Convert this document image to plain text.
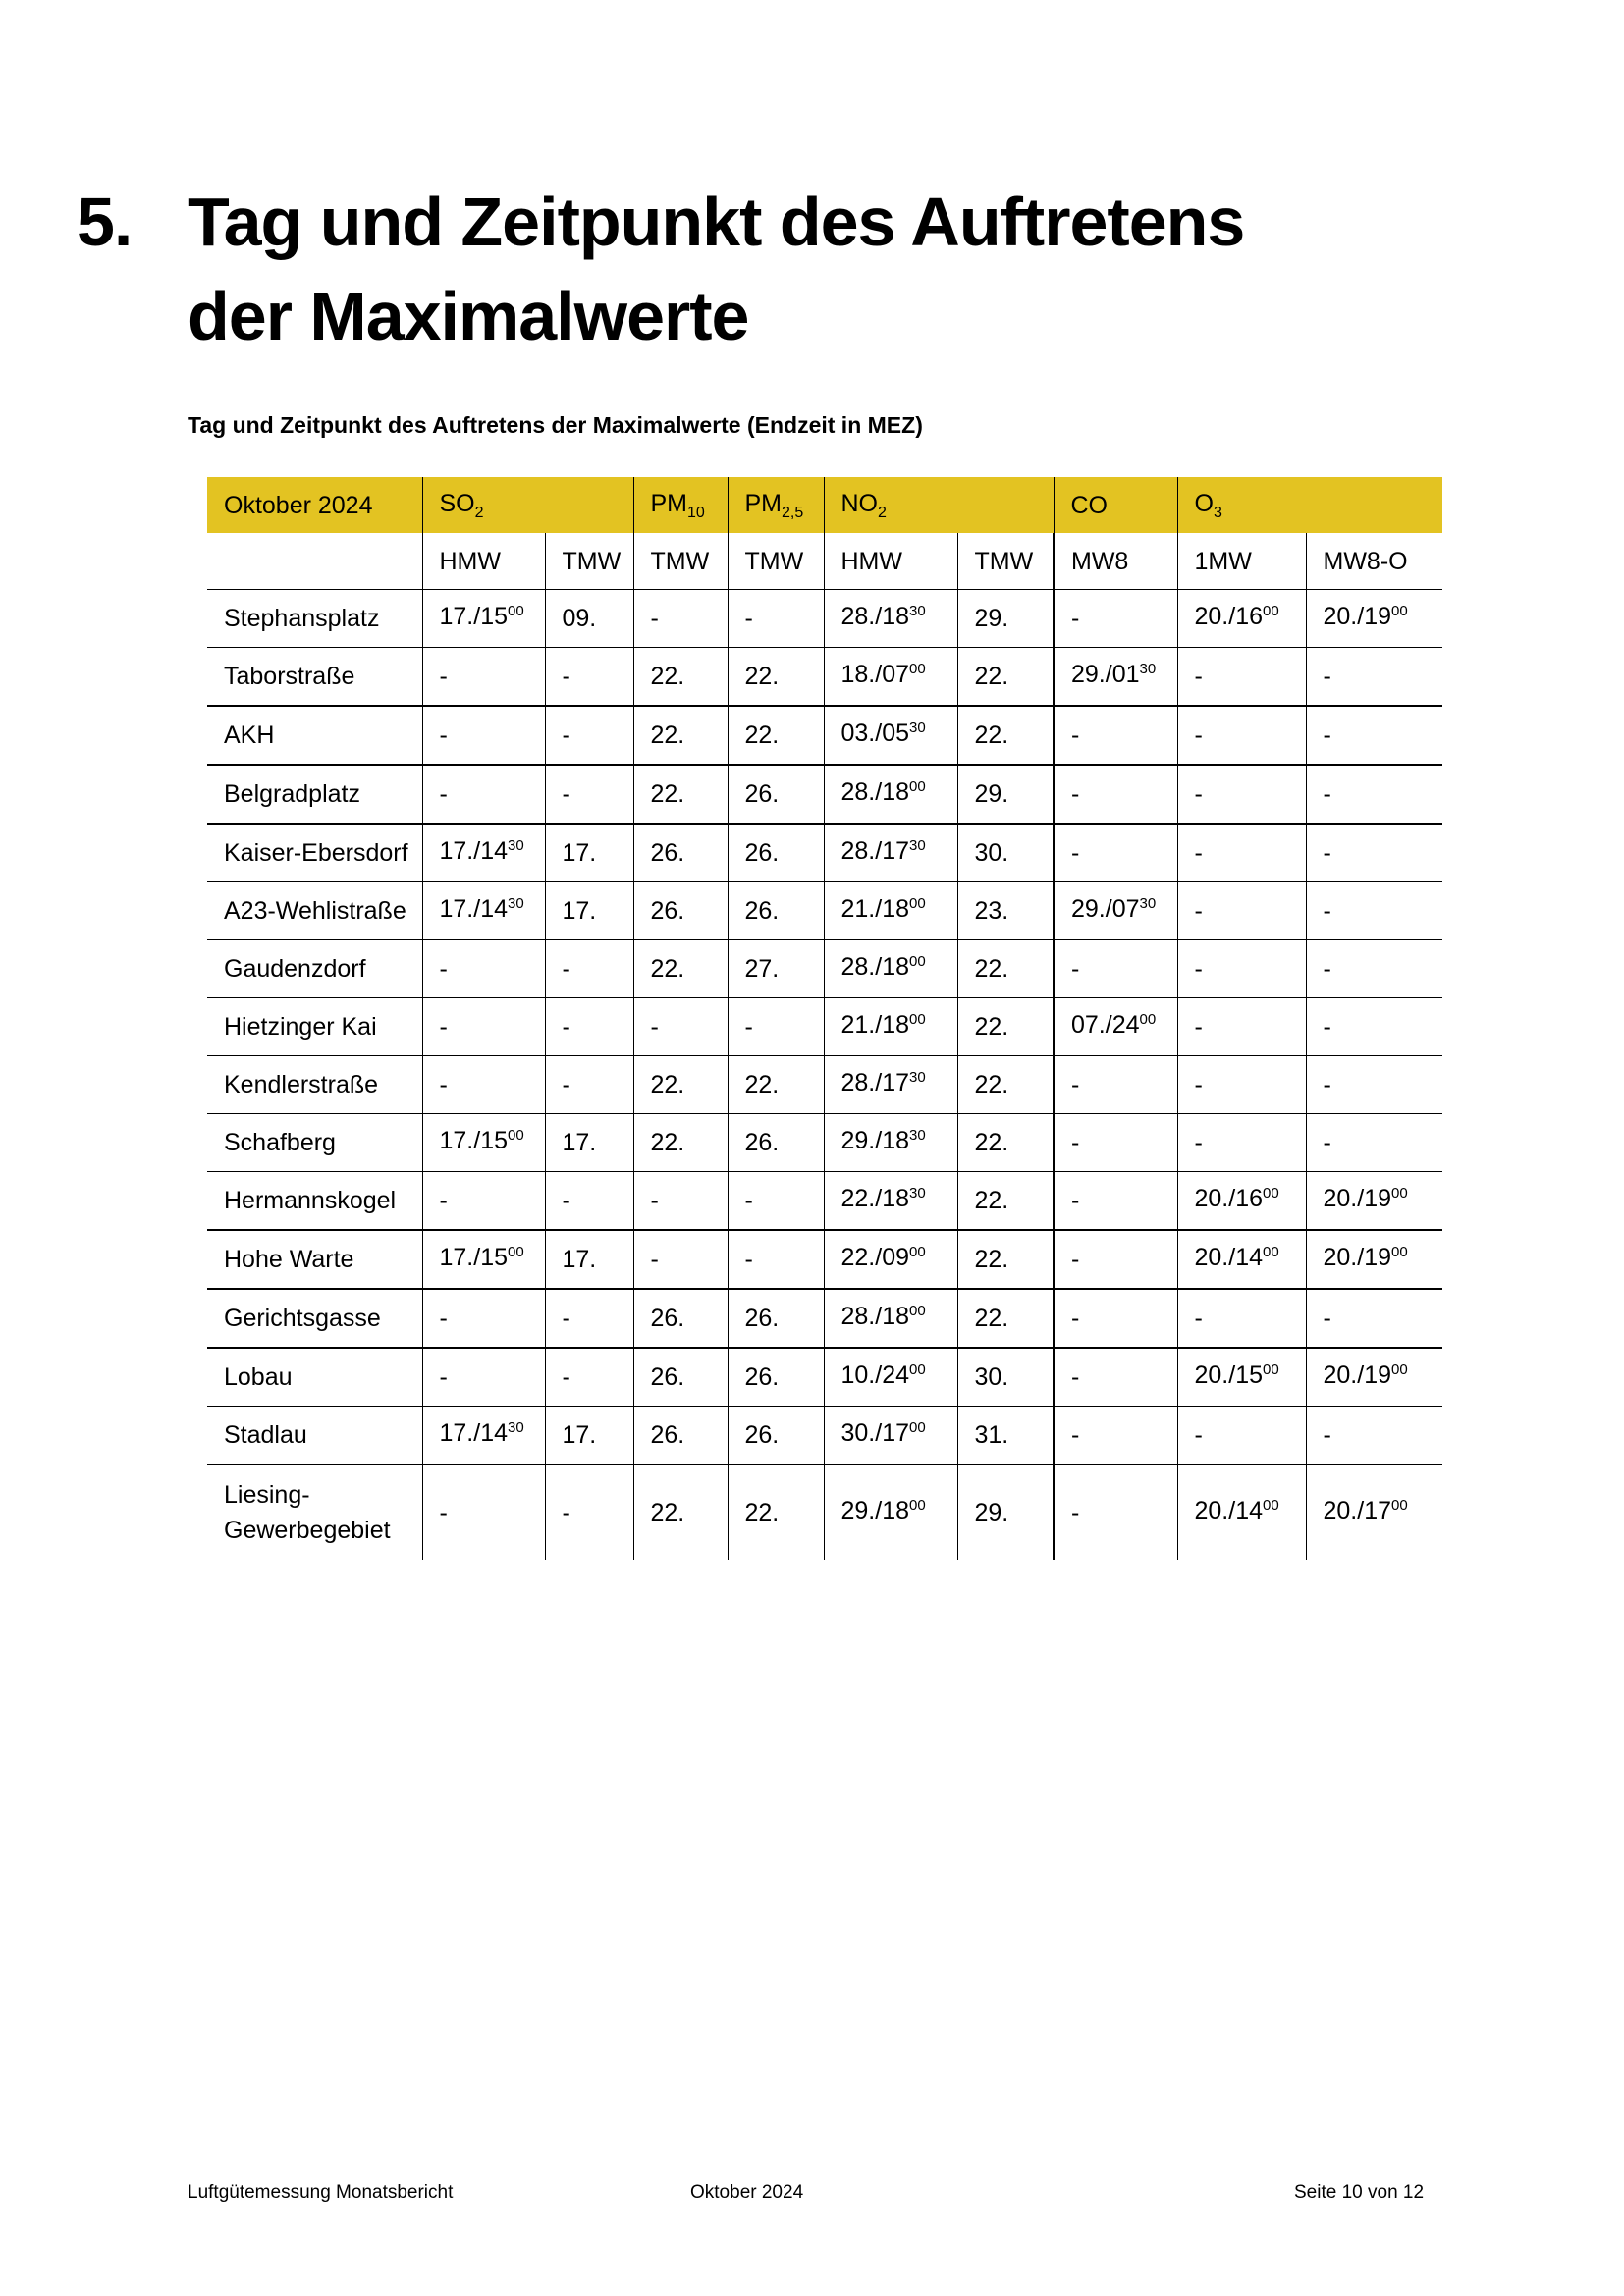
5. Tag und Zeitpunkt des Auftretens der Maximalwerte
Tag und Zeitpunkt des Auftretens der Maximalwerte (Endzeit in MEZ)
Oktober 2024	$SO_2$		$PM_{10}$	$PM_{2,5}$	$NO_2$		CO	$O_3$
	HMW	TMW	TMW	TMW	HMW	TMW	MW8	1MW	MW8-O
Stephansplatz	$17./15^{00}$	09.	-	-	$28./18^{30}$	29.	-	$20./16^{00}$	$20./19^{00}$
Taborstraße	-	-	22.	22.	$18./07^{00}$	22.	$29./01^{30}$	-	-
AKH	-	-	22.	22.	$03./05^{30}$	22.	-	-	-
Belgradplatz	-	-	22.	26.	$28./18^{00}$	29.	-	-	-
Kaiser-Ebersdorf	$17./14^{30}$	17.	26.	26.	$28./17^{30}$	30.	-	-	-
A23-Wehlistraße	$17./14^{30}$	17.	26.	26.	$21./18^{00}$	23.	$29./07^{30}$	-	-
Gaudenzdorf	-	-	22.	27.	$28./18^{00}$	22.	-	-	-
Hietzinger Kai	-	-	-	-	$21./18^{00}$	22.	$07./24^{00}$	-	-
Kendlerstraße	-	-	22.	22.	$28./17^{30}$	22.	-	-	-
Schafberg	$17./15^{00}$	17.	22.	26.	$29./18^{30}$	22.	-	-	-
Hermannskogel	-	-	-	-	$22./18^{30}$	22.	-	$20./16^{00}$	$20./19^{00}$
Hohe Warte	$17./15^{00}$	17.	-	-	$22./09^{00}$	22.	-	$20./14^{00}$	$20./19^{00}$
Gerichtsgasse	-	-	26.	26.	$28./18^{00}$	22.	-	-	-
Lobau	-	-	26.	26.	$10./24^{00}$	30.	-	$20./15^{00}$	$20./19^{00}$
Stadlau	$17./14^{30}$	17.	26.	26.	$30./17^{00}$	31.	-	-	-
Liesing-
Gewerbegebiet	-	-	22.	22.	$29./18^{00}$	29.	-	$20./14^{00}$	$20./17^{00}$
Luftgütemessung Monatsbericht	Oktober 2024	Seite 10 von 12
